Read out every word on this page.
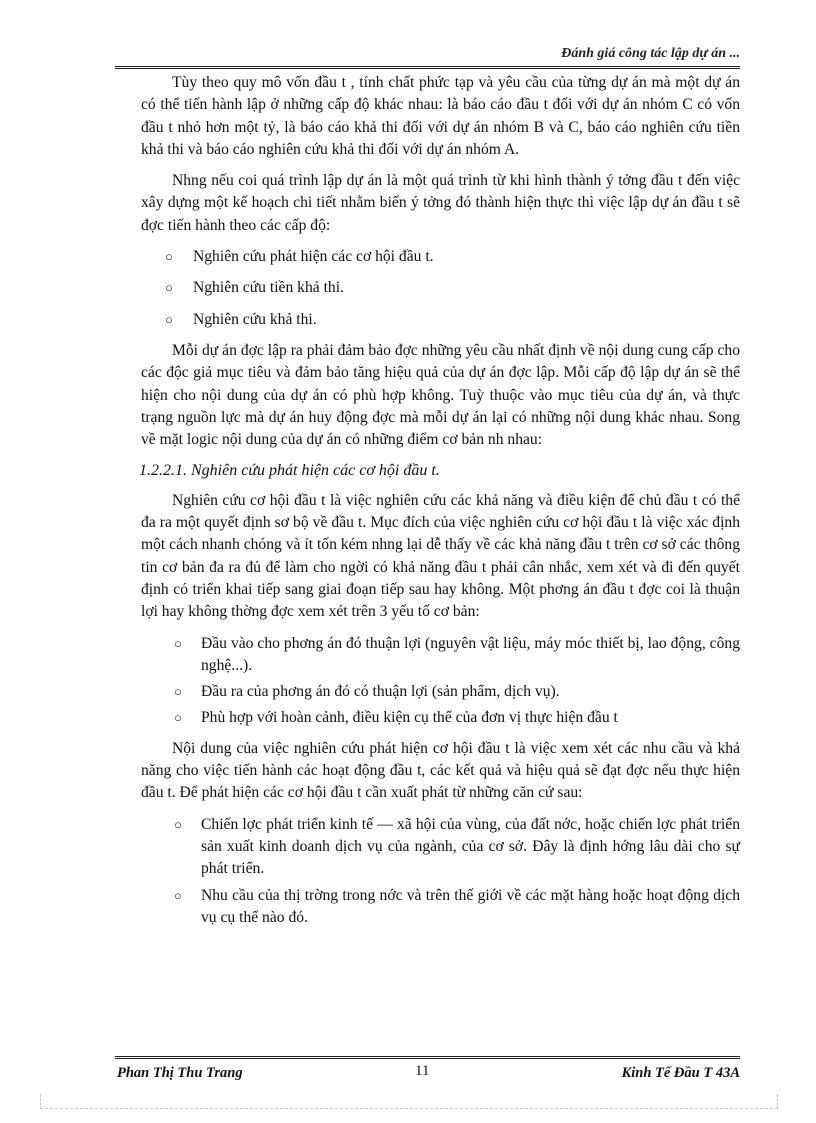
Đánh giá công tác lập dự án ...

Tùy theo quy mô vốn đầu t , tính chất phức tạp và yêu cầu của từng dự án mà một dự án có thể tiến hành lập ở những cấp độ khác nhau: là báo cáo đầu t đối với dự án nhóm C có vốn đầu t nhỏ hơn một tỷ, là báo cáo khả thi đối với dự án nhóm B và C, báo cáo nghiên cứu tiền khả thi và báo cáo nghiên cứu khả thi đối với dự án nhóm A.

Nhng nếu coi quá trình lập dự án là một quá trình từ khi hình thành ý tởng đầu t đến việc xây dựng một kế hoạch chi tiết nhằm biến ý tởng đó thành hiện thực thì việc lập dự án đầu t sẽ đợc tiến hành theo các cấp độ:

○ Nghiên cứu phát hiện các cơ hội đầu t.
○ Nghiên cứu tiền khả thi.
○ Nghiên cứu khả thi.

Mỗi dự án đợc lập ra phải đảm bảo đợc những yêu cầu nhất định về nội dung cung cấp cho các độc giả mục tiêu và đảm bảo tăng hiệu quả của dự án đợc lập. Mỗi cấp độ lập dự án sẽ thể hiện cho nội dung của dự án có phù hợp không. Tuỳ thuộc vào mục tiêu của dự án, và thực trạng nguồn lực mà dự án huy động đợc mà mỗi dự án lại có những nội dung khác nhau. Song về mặt logic nội dung của dự án có những điểm cơ bản nh nhau:

1.2.2.1. Nghiên cứu phát hiện các cơ hội đầu t.

Nghiên cứu cơ hội đầu t là việc nghiên cứu các khả năng và điều kiện để chủ đầu t có thể đa ra một quyết định sơ bộ về đầu t. Mục đích của việc nghiên cứu cơ hội đầu t là việc xác định một cách nhanh chóng và ít tốn kém nhng lại dễ thấy về các khả năng đầu t trên cơ sở các thông tin cơ bản đa ra đủ để làm cho ngời có khả năng đầu t phải cân nhắc, xem xét và đi đến quyết định có triển khai tiếp sang giai đoạn tiếp sau hay không. Một phơng án đầu t đợc coi là thuận lợi hay không thờng đợc xem xét trên 3 yếu tố cơ bản:

○ Đầu vào cho phơng án đó thuận lợi (nguyên vật liệu, máy móc thiết bị, lao động, công nghệ...).
○ Đầu ra của phơng án đó có thuận lợi (sản phẩm, dịch vụ).
○ Phù hợp với hoàn cảnh, điều kiện cụ thể của đơn vị thực hiện đầu t

Nội dung của việc nghiên cứu phát hiện cơ hội đầu t là việc xem xét các nhu cầu và khả năng cho việc tiến hành các hoạt động đầu t, các kết quả và hiệu quả sẽ đạt đợc nếu thực hiện đầu t. Để phát hiện các cơ hội đầu t cần xuất phát từ những căn cứ sau:

○ Chiến lợc phát triển kinh tế — xã hội của vùng, của đất nớc, hoặc chiến lợc phát triển sản xuất kinh doanh dịch vụ của ngành, của cơ sở. Đây là định hớng lâu dài cho sự phát triển.
○ Nhu cầu của thị trờng trong nớc và trên thế giới về các mặt hàng hoặc hoạt động dịch vụ cụ thể nào đó.
Phan Thị Thu Trang	11	Kinh Tế Đầu T 43A
